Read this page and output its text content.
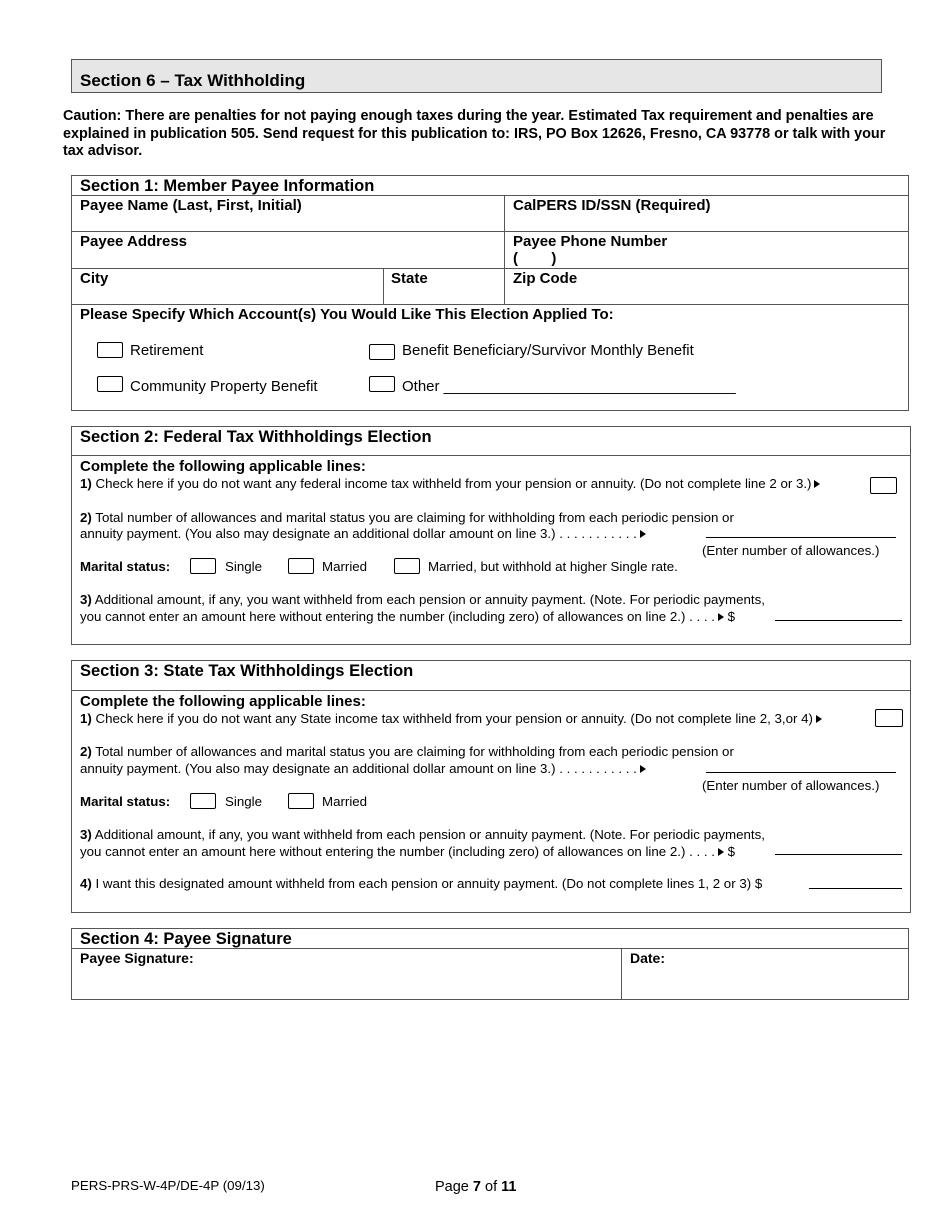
Section 6 – Tax Withholding
Caution: There are penalties for not paying enough taxes during the year. Estimated Tax requirement and penalties are explained in publication 505. Send request for this publication to: IRS, PO Box 12626, Fresno, CA 93778 or talk with your tax advisor.
Section 1: Member Payee Information
Payee Name (Last, First, Initial)	CalPERS ID/SSN (Required)
Payee Address	Payee Phone Number
(        )
City	State	Zip Code
Please Specify Which Account(s) You Would Like This Election Applied To:
Retirement	Benefit Beneficiary/Survivor Monthly Benefit
Community Property Benefit	Other ___________________________________
Section 2: Federal Tax Withholdings Election
Complete the following applicable lines:
1) Check here if you do not want any federal income tax withheld from your pension or annuity. (Do not complete line 2 or 3.)
2) Total number of allowances and marital status you are claiming for withholding from each periodic pension or
annuity payment. (You also may designate an additional dollar amount on line 3.) . . . . . . . . . . .
(Enter number of allowances.)
Marital status:	Single	Married	Married, but withhold at higher Single rate.
3) Additional amount, if any, you want withheld from each pension or annuity payment. (Note. For periodic payments,
you cannot enter an amount here without entering the number (including zero) of allowances on line 2.) . . . . $
Section 3: State Tax Withholdings Election
Complete the following applicable lines:
1) Check here if you do not want any State income tax withheld from your pension or annuity. (Do not complete line 2, 3,or 4)
2) Total number of allowances and marital status you are claiming for withholding from each periodic pension or
annuity payment. (You also may designate an additional dollar amount on line 3.) . . . . . . . . . . .
(Enter number of allowances.)
Marital status:	Single	Married
3) Additional amount, if any, you want withheld from each pension or annuity payment. (Note. For periodic payments,
you cannot enter an amount here without entering the number (including zero) of allowances on line 2.) . . . . $
4) I want this designated amount withheld from each pension or annuity payment. (Do not complete lines 1, 2 or 3) $
Section 4: Payee Signature
Payee Signature:	Date:
PERS-PRS-W-4P/DE-4P (09/13)	Page 7 of 11
